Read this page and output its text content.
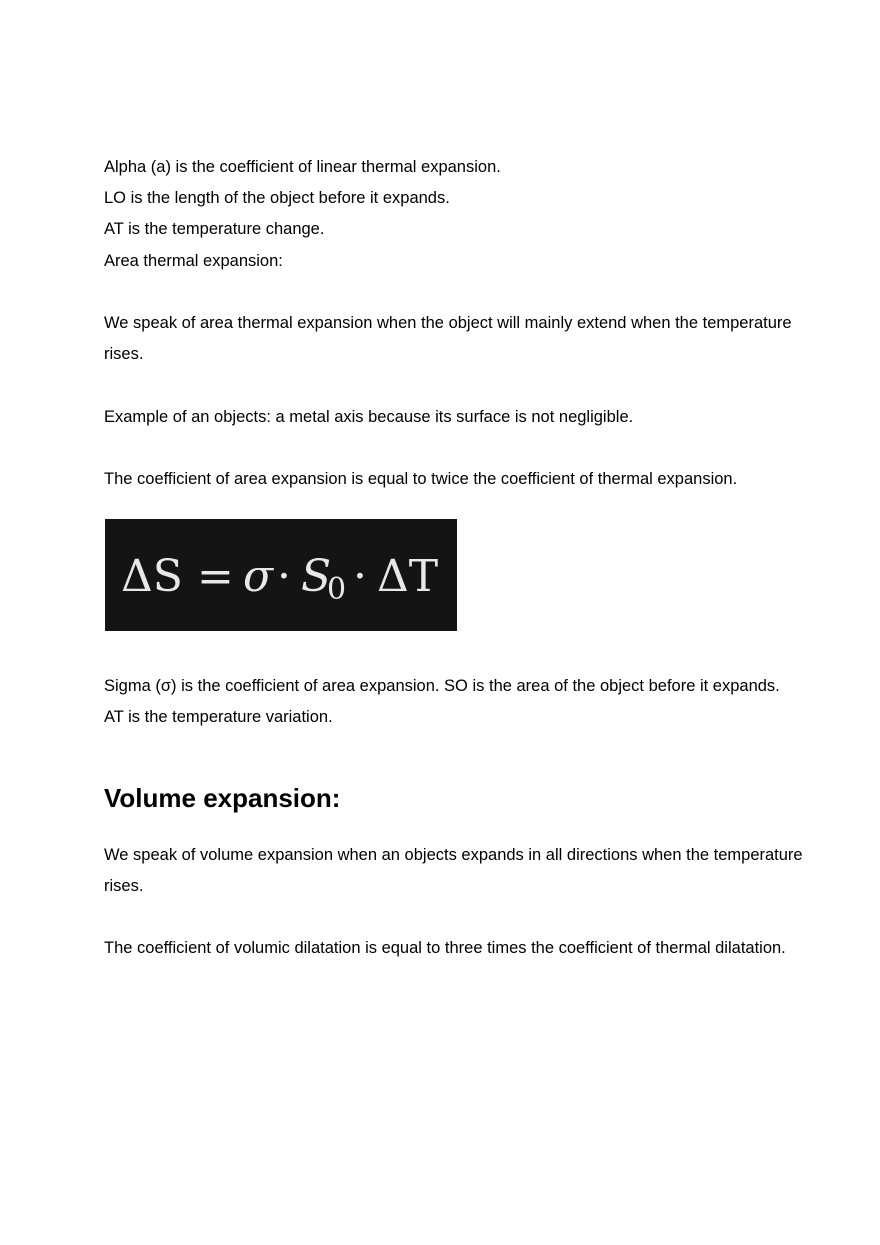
Alpha (a) is the coefficient of linear thermal expansion.

LO is the length of the object before it expands.

AT is the temperature change.

Area thermal expansion:

We speak of area thermal expansion when the object will mainly extend when the temperature rises.

Example of an objects: a metal axis because its surface is not negligible.

The coefficient of area expansion is equal to twice the coefficient of thermal expansion.

ΔS = σ · S
0 · ΔT

Sigma (σ) is the coefficient of area expansion. SO is the area of the object before it expands.

AT is the temperature variation.

Volume expansion:

We speak of volume expansion when an objects expands in all directions when the temperature rises.

The coefficient of volumic dilatation is equal to three times the coefficient of thermal dilatation.
